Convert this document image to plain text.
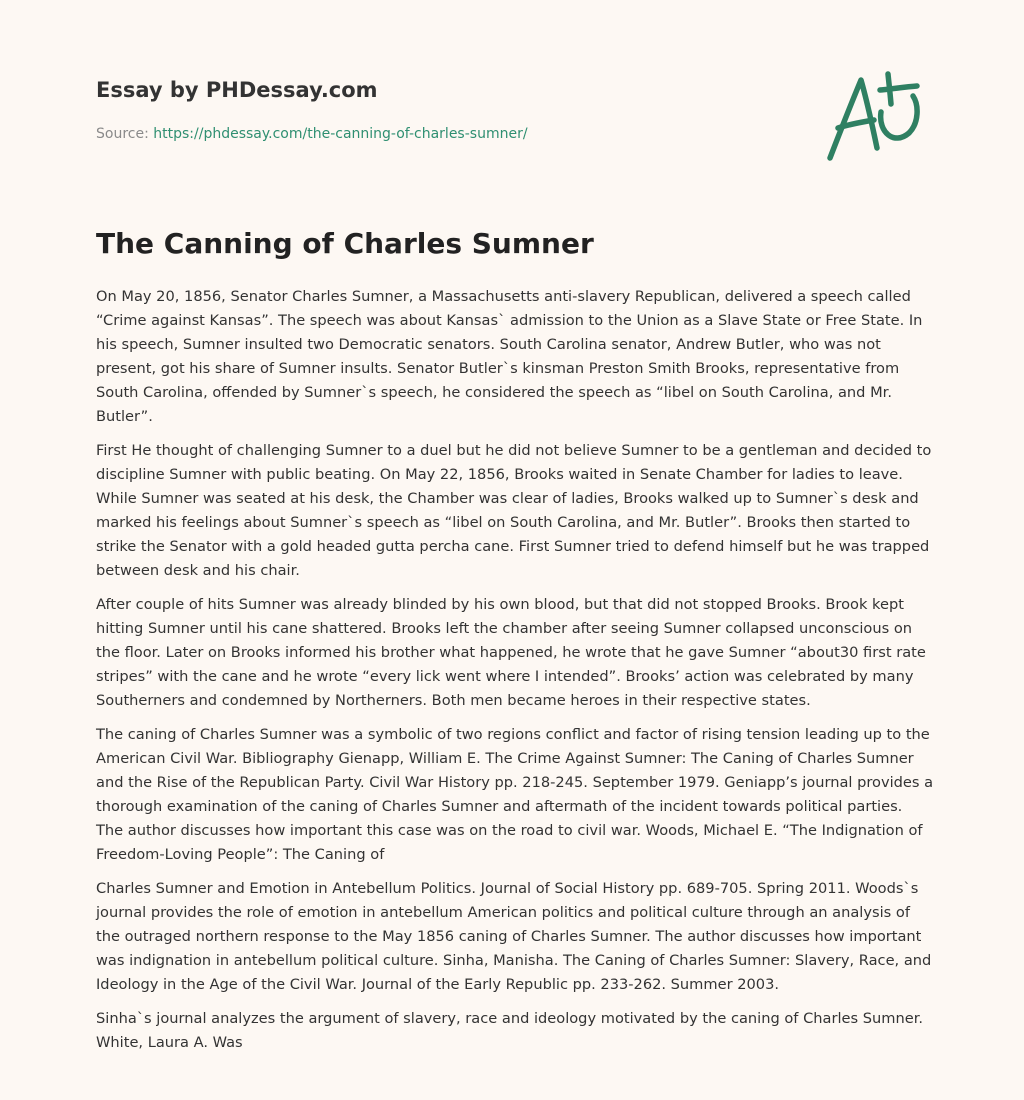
Essay by PHDessay.com
Source: https://phdessay.com/the-canning-of-charles-sumner/
The Canning of Charles Sumner

On May 20, 1856, Senator Charles Sumner, a Massachusetts anti-slavery Republican, delivered a speech called “Crime against Kansas”. The speech was about Kansas` admission to the Union as a Slave State or Free State. In his speech, Sumner insulted two Democratic senators. South Carolina senator, Andrew Butler, who was not present, got his share of Sumner insults. Senator Butler`s kinsman Preston Smith Brooks, representative from South Carolina, offended by Sumner`s speech, he considered the speech as “libel on South Carolina, and Mr. Butler”.

First He thought of challenging Sumner to a duel but he did not believe Sumner to be a gentleman and decided to discipline Sumner with public beating. On May 22, 1856, Brooks waited in Senate Chamber for ladies to leave. While Sumner was seated at his desk, the Chamber was clear of ladies, Brooks walked up to Sumner`s desk and marked his feelings about Sumner`s speech as “libel on South Carolina, and Mr. Butler”. Brooks then started to strike the Senator with a gold headed gutta percha cane. First Sumner tried to defend himself but he was trapped between desk and his chair.

After couple of hits Sumner was already blinded by his own blood, but that did not stopped Brooks. Brook kept hitting Sumner until his cane shattered. Brooks left the chamber after seeing Sumner collapsed unconscious on the floor. Later on Brooks informed his brother what happened, he wrote that he gave Sumner “about30 first rate stripes” with the cane and he wrote “every lick went where I intended”. Brooks’ action was celebrated by many Southerners and condemned by Northerners. Both men became heroes in their respective states.

The caning of Charles Sumner was a symbolic of two regions conflict and factor of rising tension leading up to the American Civil War. Bibliography Gienapp, William E. The Crime Against Sumner: The Caning of Charles Sumner and the Rise of the Republican Party. Civil War History pp. 218-245. September 1979. Geniapp’s journal provides a thorough examination of the caning of Charles Sumner and aftermath of the incident towards political parties. The author discusses how important this case was on the road to civil war. Woods, Michael E. “The Indignation of Freedom-Loving People”: The Caning of

Charles Sumner and Emotion in Antebellum Politics. Journal of Social History pp. 689-705. Spring 2011. Woods`s journal provides the role of emotion in antebellum American politics and political culture through an analysis of the outraged northern response to the May 1856 caning of Charles Sumner. The author discusses how important was indignation in antebellum political culture. Sinha, Manisha. The Caning of Charles Sumner: Slavery, Race, and Ideology in the Age of the Civil War. Journal of the Early Republic pp. 233-262. Summer 2003.

Sinha`s journal analyzes the argument of slavery, race and ideology motivated by the caning of Charles Sumner. White, Laura A. Was
